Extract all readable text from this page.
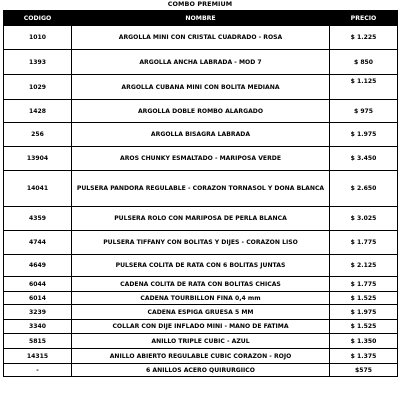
COMBO PREMIUM
CODIGO	NOMBRE	PRECIO
1010	ARGOLLA MINI CON CRISTAL CUADRADO - ROSA	$ 1.225
1393	ARGOLLA ANCHA LABRADA - MOD 7	$ 850
1029	ARGOLLA CUBANA MINI CON BOLITA MEDIANA	$ 1.125
1428	ARGOLLA DOBLE ROMBO ALARGADO	$ 975
256	ARGOLLA BISAGRA LABRADA	$ 1.975
13904	AROS CHUNKY ESMALTADO - MARIPOSA VERDE	$ 3.450
14041	PULSERA PANDORA REGULABLE - CORAZON TORNASOL Y DONA BLANCA	$ 2.650
4359	PULSERA ROLO CON MARIPOSA DE PERLA BLANCA	$ 3.025
4744	PULSERA TIFFANY CON BOLITAS Y DIJES - CORAZON LISO	$ 1.775
4649	PULSERA COLITA DE RATA CON 6 BOLITAS JUNTAS	$ 2.125
6044	CADENA COLITA DE RATA CON BOLITAS CHICAS	$ 1.775
6014	CADENA TOURBILLON FINA 0,4 mm	$ 1.525
3239	CADENA ESPIGA GRUESA 5 MM	$ 1.975
3340	COLLAR CON DIJE INFLADO MINI - MANO DE FATIMA	$ 1.525
5815	ANILLO TRIPLE CUBIC - AZUL	$ 1.350
14315	ANILLO ABIERTO REGULABLE CUBIC CORAZON - ROJO	$ 1.375
-	6 ANILLOS ACERO QUIRURGIICO	$575
